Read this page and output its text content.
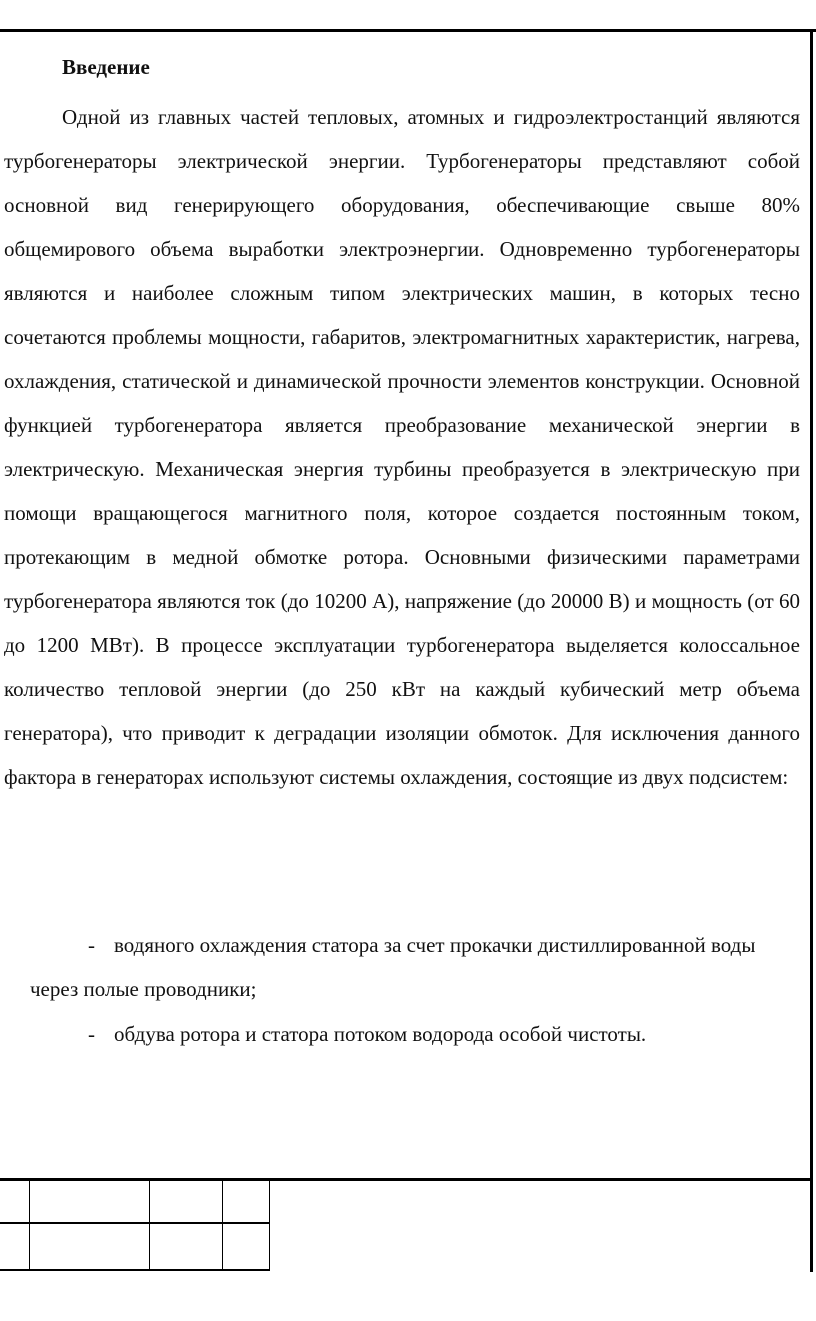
Введение

Одной из главных частей тепловых, атомных и гидроэлектростанций являются турбогенераторы электрической энергии. Турбогенераторы представляют собой основной вид генерирующего оборудования, обеспечивающие свыше 80% общемирового объема выработки электроэнергии. Одновременно турбогенераторы являются и наиболее сложным типом электрических машин, в которых тесно сочетаются проблемы мощности, габаритов, электромагнитных характеристик, нагрева, охлаждения, статической и динамической прочности элементов конструкции. Основной функцией турбогенератора является преобразование механической энергии в электрическую. Механическая энергия турбины преобразуется в электрическую при помощи вращающегося магнитного поля, которое создается постоянным током, протекающим в медной обмотке ротора. Основными физическими параметрами турбогенератора являются ток (до 10200 А), напряжение (до 20000 В) и мощность (от 60 до 1200 МВт). В процессе эксплуатации турбогенератора выделяется колоссальное количество тепловой энергии (до 250 кВт на каждый кубический метр объема генератора), что приводит к деградации изоляции обмоток. Для исключения данного фактора в генераторах используют системы охлаждения, состоящие из двух подсистем:

- водяного охлаждения статора за счет прокачки дистиллированной воды через полые проводники;

- обдува ротора и статора потоком водорода особой чистоты.
